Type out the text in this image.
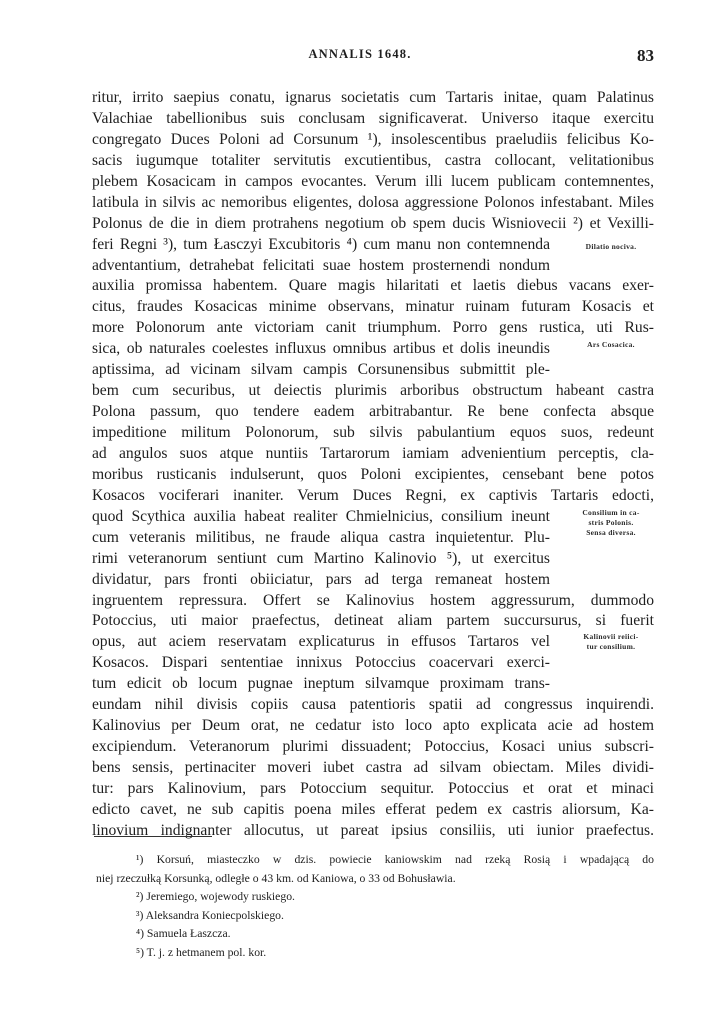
ANNALIS 1648.	83
ritur, irrito saepius conatu, ignarus societatis cum Tartaris initae, quam Palatinus
Valachiae tabellionibus suis conclusam significaverat. Universo itaque exercitu
congregato Duces Poloni ad Corsunum ¹), insolescentibus praeludiis felicibus Ko-
sacis iugumque totaliter servitutis excutientibus, castra collocant, velitationibus
plebem Kosacicam in campos evocantes. Verum illi lucem publicam contemnentes,
latibula in silvis ac nemoribus eligentes, dolosa aggressione Polonos infestabant. Miles
Polonus de die in diem protrahens negotium ob spem ducis Wisniovecii ²) et Vexilli-
feri Regni ³), tum Łasczyi Excubitoris ⁴) cum manu non contemnenda
adventantium, detrahebat felicitati suae hostem prosternendi nondum
auxilia promissa habentem. Quare magis hilaritati et laetis diebus vacans exer-
citus, fraudes Kosacicas minime observans, minatur ruinam futuram Kosacis et
more Polonorum ante victoriam canit triumphum. Porro gens rustica, uti Rus-
sica, ob naturales coelestes influxus omnibus artibus et dolis ineundis
aptissima, ad vicinam silvam campis Corsunensibus submittit ple-
bem cum securibus, ut deiectis plurimis arboribus obstructum habeant castra
Polona passum, quo tendere eadem arbitrabantur. Re bene confecta absque
impeditione militum Polonorum, sub silvis pabulantium equos suos, redeunt
ad angulos suos atque nuntiis Tartarorum iamiam advenientium perceptis, cla-
moribus rusticanis indulserunt, quos Poloni excipientes, censebant bene potos
Kosacos vociferari inaniter. Verum Duces Regni, ex captivis Tartaris edocti,
quod Scythica auxilia habeat realiter Chmielnicius, consilium ineunt
cum veteranis militibus, ne fraude aliqua castra inquietentur. Plu-
rimi veteranorum sentiunt cum Martino Kalinovio ⁵), ut exercitus
dividatur, pars fronti obiiciatur, pars ad terga remaneat hostem
ingruentem repressura. Offert se Kalinovius hostem aggressurum, dummodo
Potoccius, uti maior praefectus, detineat aliam partem succursurus, si fuerit
opus, aut aciem reservatam explicaturus in effusos Tartaros vel
Kosacos. Dispari sententiae innixus Potoccius coacervari exerci-
tum edicit ob locum pugnae ineptum silvamque proximam trans-
eundam nihil divisis copiis causa patentioris spatii ad congressus inquirendi.
Kalinovius per Deum orat, ne cedatur isto loco apto explicata acie ad hostem
excipiendum. Veteranorum plurimi dissuadent; Potoccius, Kosaci unius subscri-
bens sensis, pertinaciter moveri iubet castra ad silvam obiectam. Miles dividi-
tur: pars Kalinovium, pars Potoccium sequitur. Potoccius et orat et minaci
edicto cavet, ne sub capitis poena miles efferat pedem ex castris aliorsum, Ka-
linovium indignanter allocutus, ut pareat ipsius consiliis, uti iunior praefectus.
Dilatio nociva.
Ars Cosacica.
Consilium in ca-
stris Polonis.
Sensa diversa.
Kalinovii reiici-
tur consilium.
¹) Korsuń, miasteczko w dzis. powiecie kaniowskim nad rzeką Rosią i wpadającą do
niej rzeczułką Korsunką, odległe o 43 km. od Kaniowa, o 33 od Bohusławia.
²) Jeremiego, wojewody ruskiego.
³) Aleksandra Koniecpolskiego.
⁴) Samuela Łaszcza.
⁵) T. j. z hetmanem pol. kor.
